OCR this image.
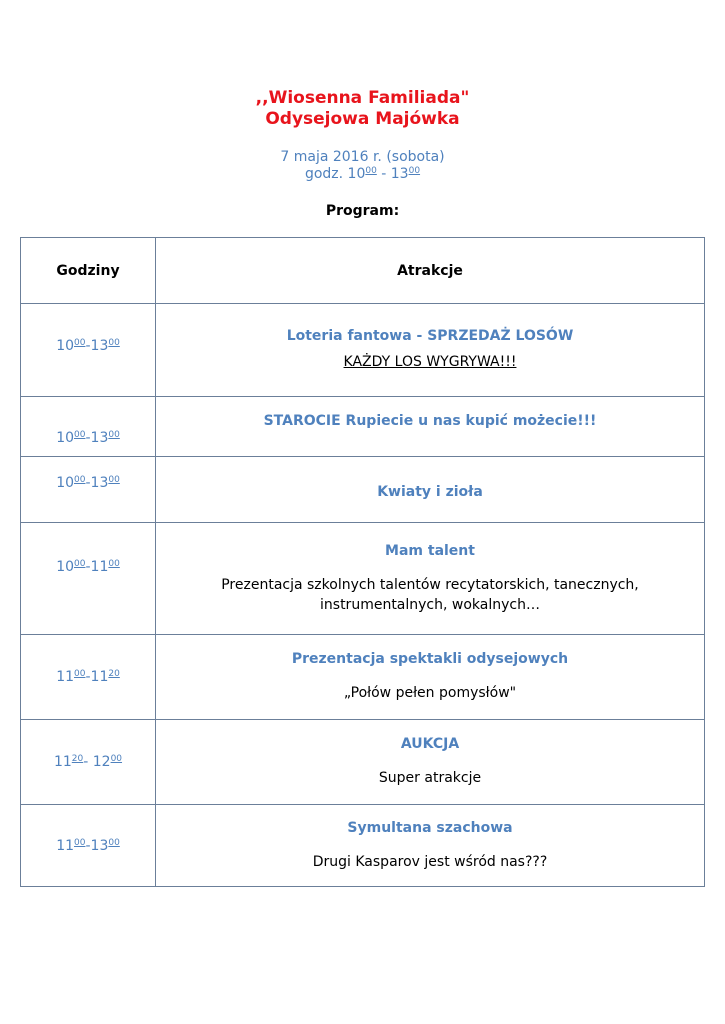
,,Wiosenna Familiada"
Odysejowa Majówka
7 maja 2016 r. (sobota)
godz. $10^{00} - 13^{00}$
Program:
Godziny	Atrakcje
$10^{00}-13^{00}$	Loteria fantowa - SPRZEDAŻ LOSÓW
KAŻDY LOS WYGRYWA!!!

$10^{00}-13^{00}$	STAROCIE Rupiecie u nas kupić możecie!!!

$10^{00}-13^{00}$	Kwiaty i zioła

$10^{00}-11^{00}$	Mam talent
Prezentacja szkolnych talentów recytatorskich, tanecznych, instrumentalnych, wokalnych…

$11^{00}-11^{20}$	Prezentacja spektakli odysejowych
„Połów pełen pomysłów"

$11^{20}-$ $12^{00}$	AUKCJA
Super atrakcje

$11^{00}-13^{00}$	Symultana szachowa
Drugi Kasparov jest wśród nas???
